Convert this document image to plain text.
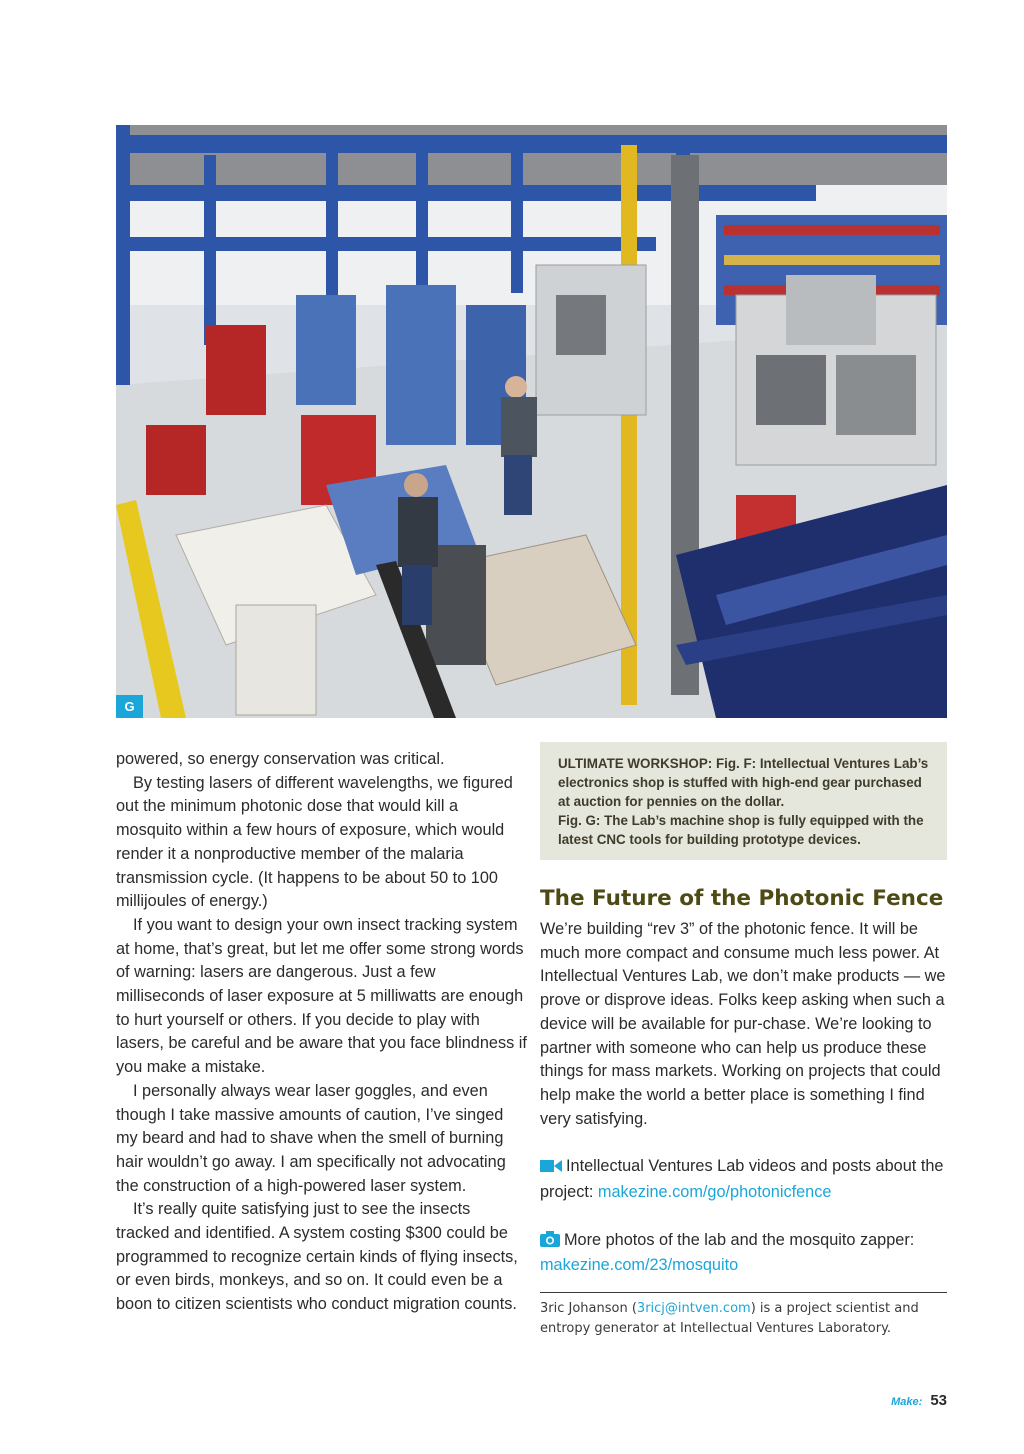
G

powered, so energy conservation was critical.

By testing lasers of different wavelengths, we figured out the minimum photonic dose that would kill a mosquito within a few hours of exposure, which would render it a nonproductive member of the malaria transmission cycle. (It happens to be about 50 to 100 millijoules of energy.)

If you want to design your own insect tracking system at home, that’s great, but let me offer some strong words of warning: lasers are dangerous. Just a few milliseconds of laser exposure at 5 milliwatts are enough to hurt yourself or others. If you decide to play with lasers, be careful and be aware that you face blindness if you make a mistake.

I personally always wear laser goggles, and even though I take massive amounts of caution, I’ve singed my beard and had to shave when the smell of burning hair wouldn’t go away. I am specifically not advocating the construction of a high-powered laser system.

It’s really quite satisfying just to see the insects tracked and identified. A system costing $300 could be programmed to recognize certain kinds of flying insects, or even birds, monkeys, and so on. It could even be a boon to citizen scientists who conduct migration counts.

ULTIMATE WORKSHOP: Fig. F: Intellectual Ventures Lab’s electronics shop is stuffed with high-end gear purchased at auction for pennies on the dollar.

Fig. G: The Lab’s machine shop is fully equipped with the latest CNC tools for building prototype devices.

The Future of the Photonic Fence

We’re building “rev 3” of the photonic fence. It will be much more compact and consume much less power. At Intellectual Ventures Lab, we don’t make products — we prove or disprove ideas. Folks keep asking when such a device will be available for pur-chase. We’re looking to partner with someone who can help us produce these things for mass markets. Working on projects that could help make the world a better place is something I find very satisfying.

Intellectual Ventures Lab videos and posts about the project: makezine.com/go/photonicfence

More photos of the lab and the mosquito zapper: makezine.com/23/mosquito

3ric Johanson (3ricj@intven.com) is a project scientist and entropy generator at Intellectual Ventures Laboratory.

Make: 53
